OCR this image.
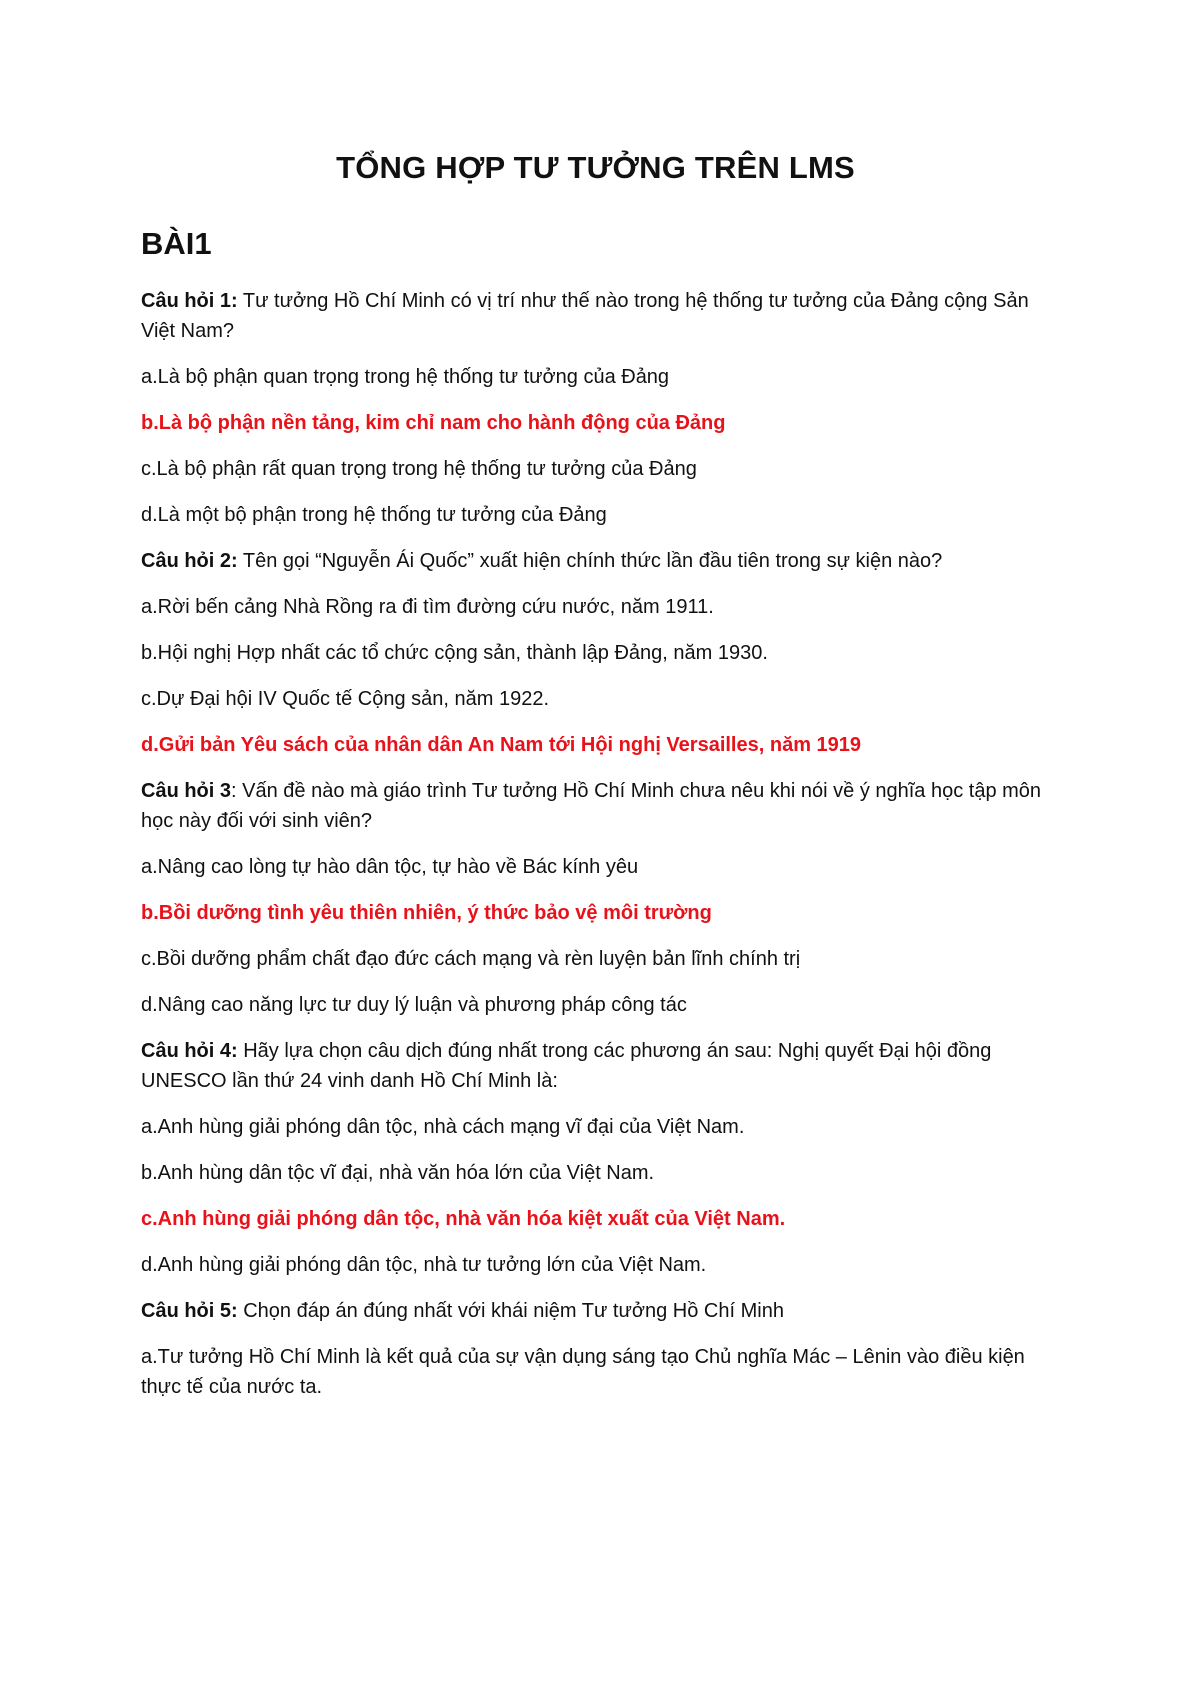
TỔNG HỢP TƯ TƯỞNG TRÊN LMS
BÀI1

Câu hỏi 1: Tư tưởng Hồ Chí Minh có vị trí như thế nào trong hệ thống tư tưởng của Đảng cộng Sản Việt Nam?

a.Là bộ phận quan trọng trong hệ thống tư tưởng của Đảng

b.Là bộ phận nền tảng, kim chỉ nam cho hành động của Đảng

c.Là bộ phận rất quan trọng trong hệ thống tư tưởng của Đảng

d.Là một bộ phận trong hệ thống tư tưởng của Đảng

Câu hỏi 2: Tên gọi “Nguyễn Ái Quốc” xuất hiện chính thức lần đầu tiên trong sự kiện nào?

a.Rời bến cảng Nhà Rồng ra đi tìm đường cứu nước, năm 1911.

b.Hội nghị Hợp nhất các tổ chức cộng sản, thành lập Đảng, năm 1930.

c.Dự Đại hội IV Quốc tế Cộng sản, năm 1922.

d.Gửi bản Yêu sách của nhân dân An Nam tới Hội nghị Versailles, năm 1919

Câu hỏi 3: Vấn đề nào mà giáo trình Tư tưởng Hồ Chí Minh chưa nêu khi nói về ý nghĩa học tập môn học này đối với sinh viên?

a.Nâng cao lòng tự hào dân tộc, tự hào về Bác kính yêu

b.Bồi dưỡng tình yêu thiên nhiên, ý thức bảo vệ môi trường

c.Bồi dưỡng phẩm chất đạo đức cách mạng và rèn luyện bản lĩnh chính trị

d.Nâng cao năng lực tư duy lý luận và phương pháp công tác

Câu hỏi 4: Hãy lựa chọn câu dịch đúng nhất trong các phương án sau: Nghị quyết Đại hội đồng UNESCO lần thứ 24 vinh danh Hồ Chí Minh là:

a.Anh hùng giải phóng dân tộc, nhà cách mạng vĩ đại của Việt Nam.

b.Anh hùng dân tộc vĩ đại, nhà văn hóa lớn của Việt Nam.

c.Anh hùng giải phóng dân tộc, nhà văn hóa kiệt xuất của Việt Nam.

d.Anh hùng giải phóng dân tộc, nhà tư tưởng lớn của Việt Nam.

Câu hỏi 5: Chọn đáp án đúng nhất với khái niệm Tư tưởng Hồ Chí Minh

a.Tư tưởng Hồ Chí Minh là kết quả của sự vận dụng sáng tạo Chủ nghĩa Mác – Lênin vào điều kiện thực tế của nước ta.
